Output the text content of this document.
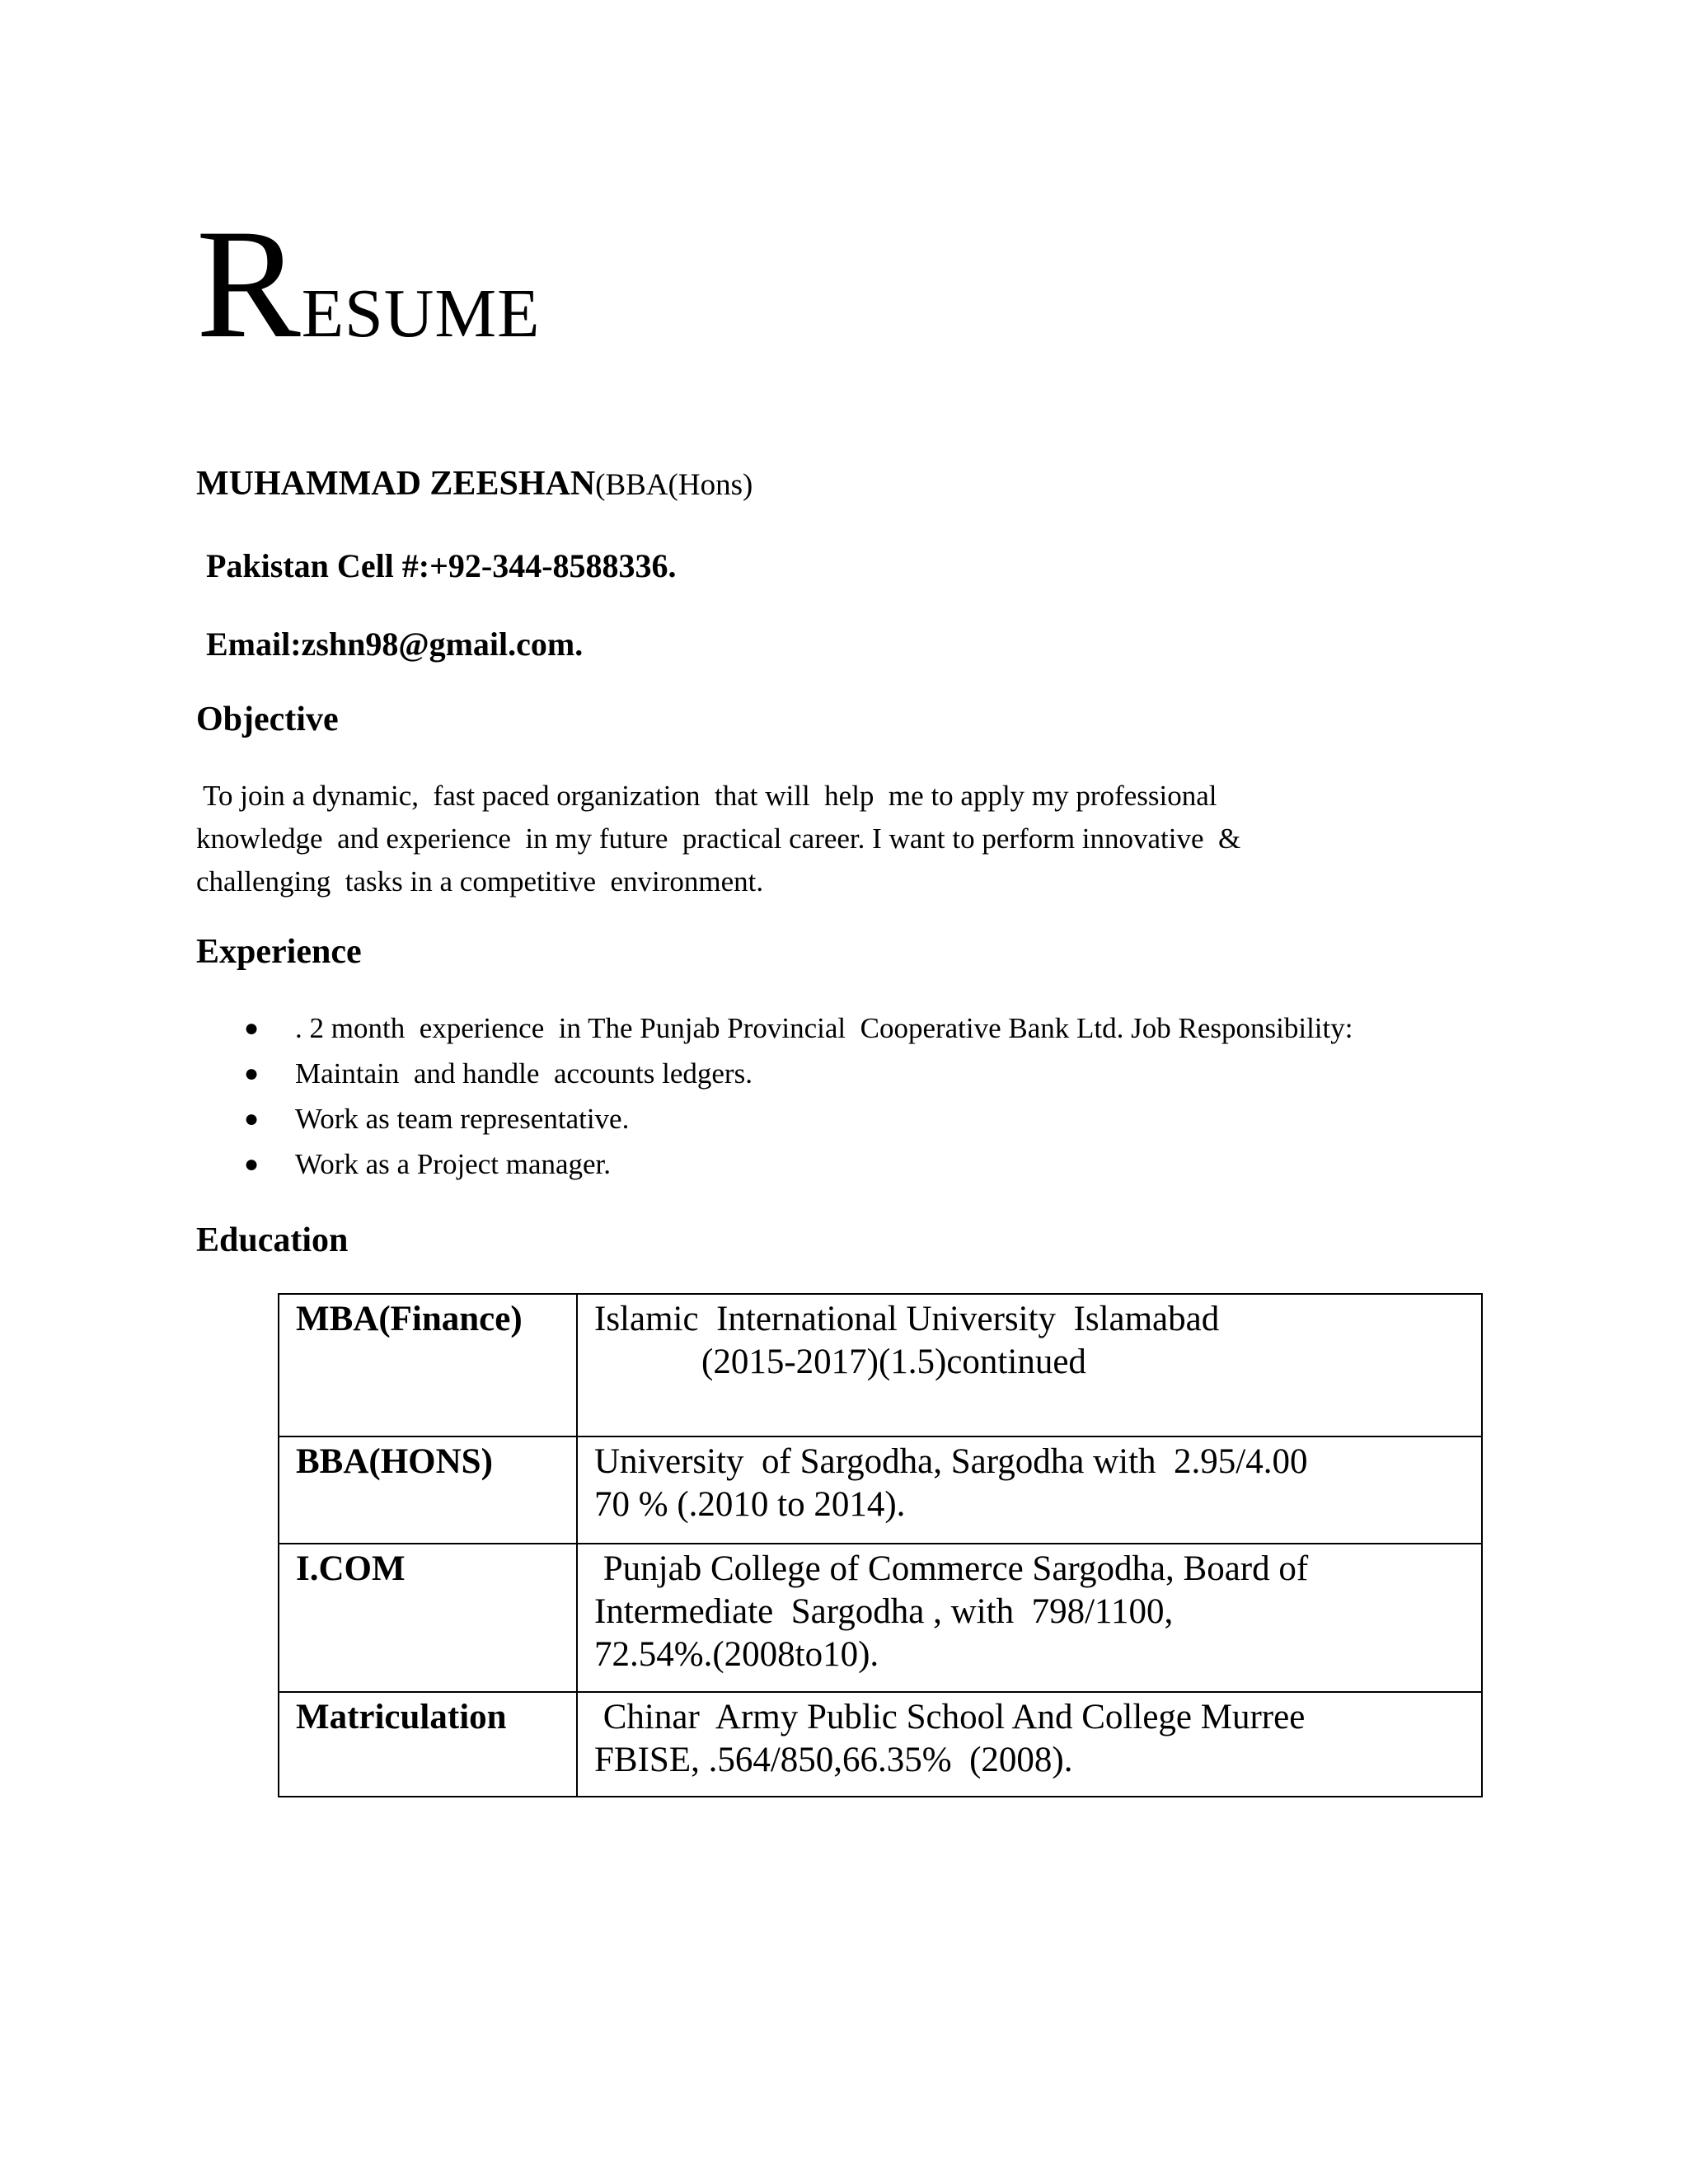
RESUME
MUHAMMAD ZEESHAN(BBA(Hons)
Pakistan Cell #:+92-344-8588336.
Email:zshn98@gmail.com.
Objective
To join a dynamic,  fast paced organization  that will  help  me to apply my professional
knowledge  and experience  in my future  practical career. I want to perform innovative  &
challenging  tasks in a competitive  environment.
Experience
● . 2 month  experience  in The Punjab Provincial  Cooperative Bank Ltd. Job Responsibility:
● Maintain  and handle  accounts ledgers.
● Work as team representative.
● Work as a Project manager.
Education
MBA(Finance)	Islamic  International University  Islamabad
(2015-2017)(1.5)continued
BBA(HONS)	University  of Sargodha, Sargodha with  2.95/4.00
70 % (.2010 to 2014).

I.COM	Punjab College of Commerce Sargodha, Board of
Intermediate  Sargodha , with  798/1100,
72.54%.(2008to10).

Matriculation	Chinar  Army Public School And College Murree
FBISE, .564/850,66.35%  (2008).
